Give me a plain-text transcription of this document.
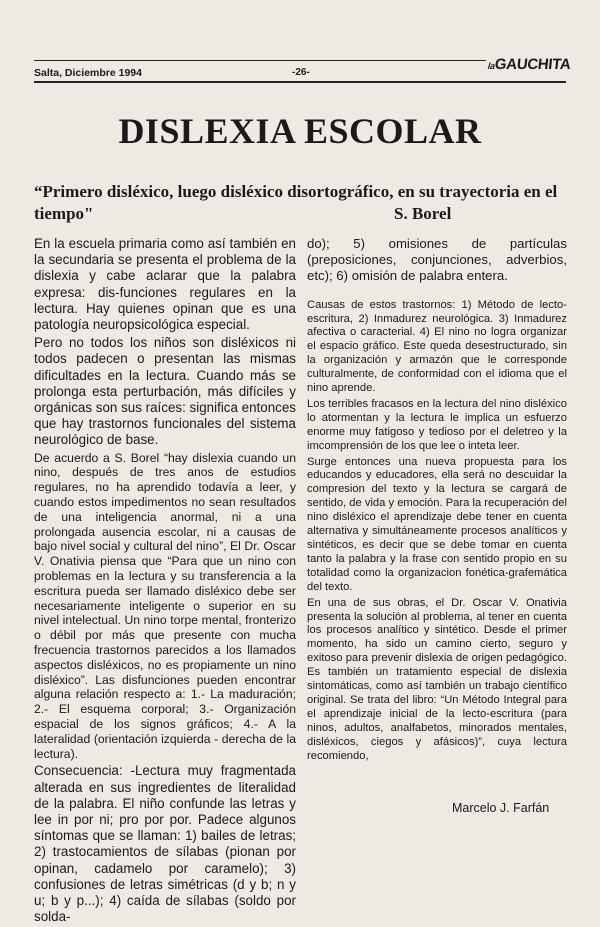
Salta, Diciembre 1994	-26-
laGAUCHITA
DISLEXIA ESCOLAR
“Primero disléxico, luego disléxico disortográfico, en su trayectoria en el tiempo"	S. Borel

En la escuela primaria como así también en la secundaria se presenta el problema de la dislexia y cabe aclarar que la palabra expresa: dis-funciones regulares en la lectura. Hay quienes opinan que es una patología neuropsicológica especial.

Pero no todos los niños son disléxicos ni todos padecen o presentan las mismas dificultades en la lectura. Cuando más se prolonga esta perturbación, más difíciles y orgánicas son sus raíces: significa entonces que hay trastornos funcionales del sistema neurológico de base.

De acuerdo a S. Borel “hay dislexia cuando un nino, después de tres anos de estudios regulares, no ha aprendido todavía a leer, y cuando estos impedimentos no sean resultados de una inteligencia anormal, ni a una prolongada ausencia escolar, ni a causas de bajo nivel social y cultural del nino”, El Dr. Oscar V. Onativia piensa que “Para que un nino con problemas en la lectura y su transferencia a la escritura pueda ser llamado disléxico debe ser necesariamente inteligente o superior en su nivel intelectual. Un nino torpe mental, fronterizo o débil por más que presente con mucha frecuencia trastornos parecidos a los llamados aspectos disléxicos, no es propiamente un nino disléxico”. Las disfunciones pueden encontrar alguna relación respecto a: 1.- La maduración; 2.- El esquema corporal; 3.- Organización espacial de los signos gráficos; 4.- A la lateralidad (orientación izquierda - derecha de la lectura).

Consecuencia: -Lectura muy fragmentada alterada en sus ingredientes de literalidad de la palabra. El niño confunde las letras y lee in por ni; pro por por. Padece algunos síntomas que se llaman: 1) bailes de letras; 2) trastocamientos de sílabas (pionan por opinan, cadamelo por caramelo); 3) confusiones de letras simétricas (d y b; n y u; b y p...); 4) caída de sílabas (soldo por solda-

do); 5) omisiones de partículas (preposiciones, conjunciones, adverbios, etc); 6) omisión de palabra entera.

Causas de estos trastornos: 1) Método de lecto-escritura, 2) Inmadurez neurológica. 3) Inmadurez afectiva o caracterial. 4) El nino no logra organizar el espacio gráfico. Este queda desestructurado, sin la organización y armazón que le corresponde culturalmente, de conformidad con el idioma que el nino aprende.

Los terribles fracasos en la lectura del nino disléxico lo atormentan y la lectura le implica un esfuerzo enorme muy fatigoso y tedioso por el deletreo y la imcomprensión de los que lee o inteta leer.

Surge entonces una nueva propuesta para los educandos y educadores, ella será no descuidar la compresion del texto y la lectura se cargará de sentido, de vida y emoción. Para la recuperación del nino disléxico el aprendizaje debe tener en cuenta alternativa y simultáneamente procesos analíticos y sintéticos, es decir que se debe tomar en cuenta tanto la palabra y la frase con sentido propio en su totalidad como la organizacion fonética-grafemática del texto.

En una de sus obras, el Dr. Oscar V. Onativia presenta la solución al problema, al tener en cuenta los procesos analítico y sintético. Desde el primer momento, ha sido un camino cierto, seguro y exitoso para prevenir dislexia de origen pedagógico. Es también un tratamiento especial de dislexia sintomáticas, como así también un trabajo científico original. Se trata del libro: “Un Método Integral para el aprendizaje inicial de la lecto-escritura (para ninos, adultos, analfabetos, minorados mentales, disléxicos, ciegos y afásicos)”, cuya lectura recomiendo,

Marcelo J. Farfán
